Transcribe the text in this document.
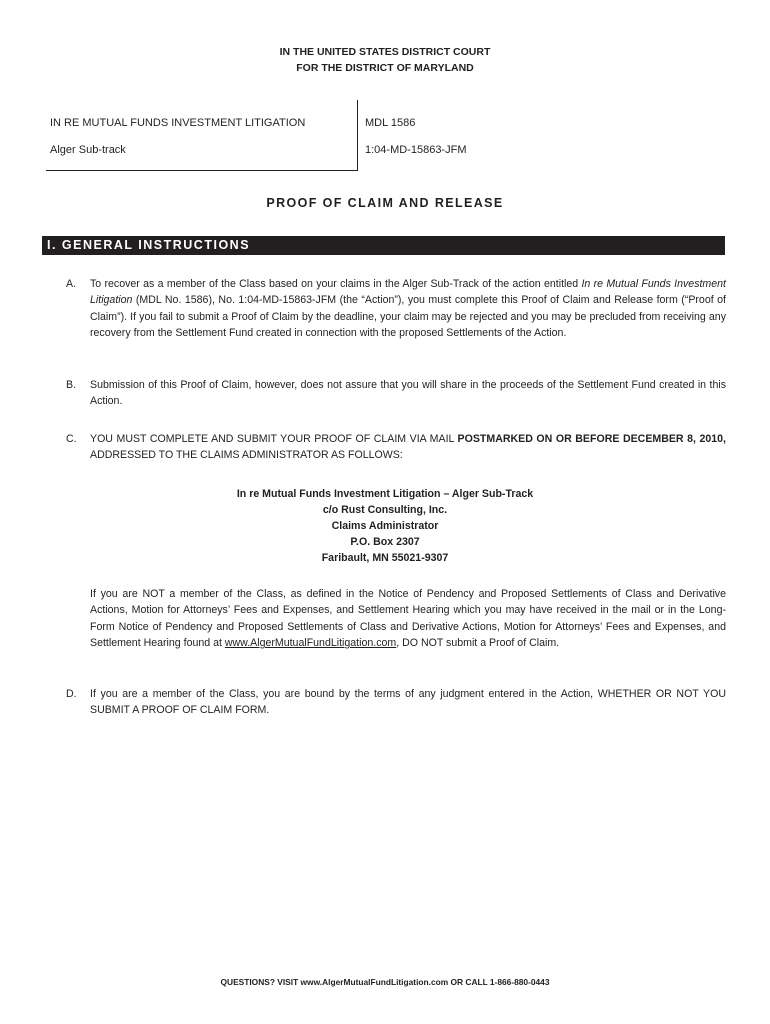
IN THE UNITED STATES DISTRICT COURT
FOR THE DISTRICT OF MARYLAND
IN RE MUTUAL FUNDS INVESTMENT LITIGATION
Alger Sub-track
MDL 1586
1:04-MD-15863-JFM
PROOF OF CLAIM AND RELEASE
I. GENERAL INSTRUCTIONS
A. To recover as a member of the Class based on your claims in the Alger Sub-Track of the action entitled In re Mutual Funds Investment Litigation (MDL No. 1586), No. 1:04-MD-15863-JFM (the “Action”), you must complete this Proof of Claim and Release form (“Proof of Claim”). If you fail to submit a Proof of Claim by the deadline, your claim may be rejected and you may be precluded from receiving any recovery from the Settlement Fund created in connection with the proposed Settlements of the Action.
B. Submission of this Proof of Claim, however, does not assure that you will share in the proceeds of the Settlement Fund created in this Action.
C. YOU MUST COMPLETE AND SUBMIT YOUR PROOF OF CLAIM VIA MAIL POSTMARKED ON OR BEFORE DECEMBER 8, 2010, ADDRESSED TO THE CLAIMS ADMINISTRATOR AS FOLLOWS:
In re Mutual Funds Investment Litigation – Alger Sub-Track
c/o Rust Consulting, Inc.
Claims Administrator
P.O. Box 2307
Faribault, MN 55021-9307
If you are NOT a member of the Class, as defined in the Notice of Pendency and Proposed Settlements of Class and Derivative Actions, Motion for Attorneys’ Fees and Expenses, and Settlement Hearing which you may have received in the mail or in the Long-Form Notice of Pendency and Proposed Settlements of Class and Derivative Actions, Motion for Attorneys’ Fees and Expenses, and Settlement Hearing found at www.AlgerMutualFundLitigation.com, DO NOT submit a Proof of Claim.
D. If you are a member of the Class, you are bound by the terms of any judgment entered in the Action, WHETHER OR NOT YOU SUBMIT A PROOF OF CLAIM FORM.
QUESTIONS? VISIT www.AlgerMutualFundLitigation.com OR CALL 1-866-880-0443
